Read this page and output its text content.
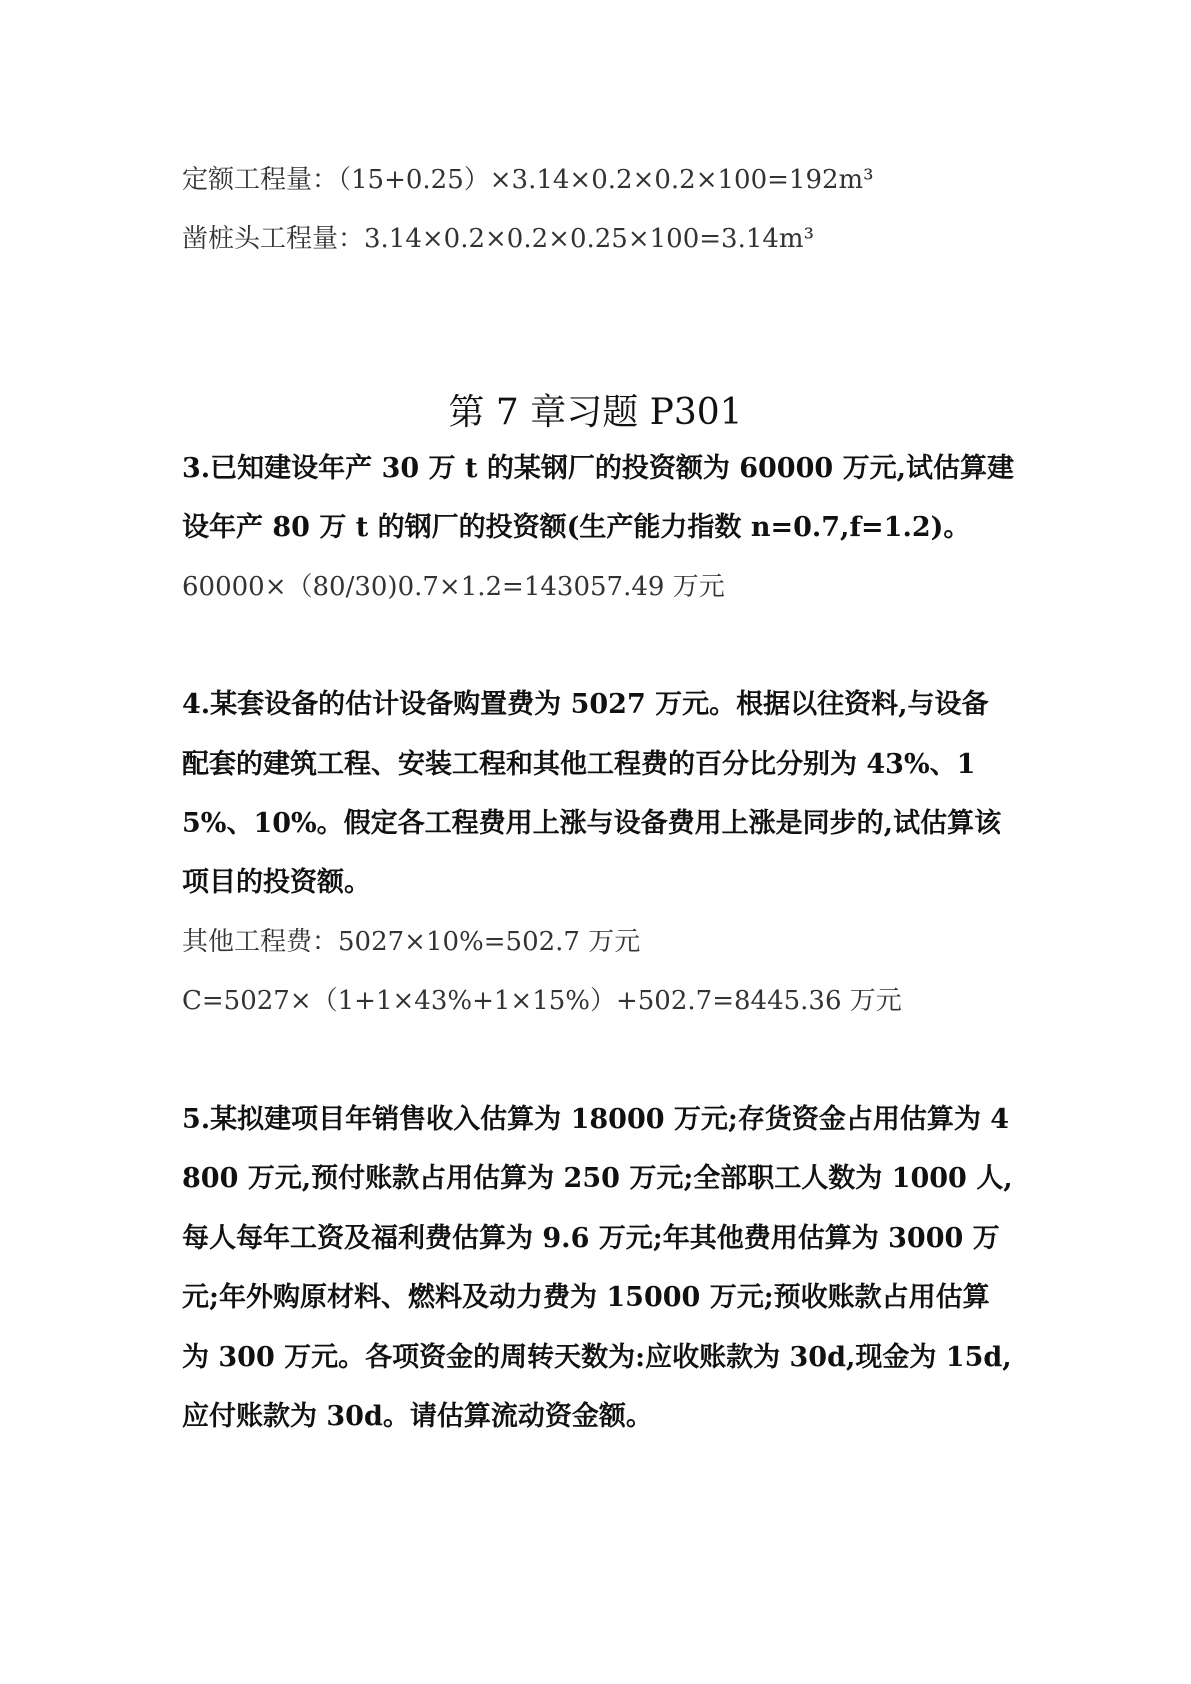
定额工程量：（15+0.25）×3.14×0.2×0.2×100=192m³
凿桩头工程量：3.14×0.2×0.2×0.25×100=3.14m³
第 7 章习题 P301
3.已知建设年产 30 万 t 的某钢厂的投资额为 60000 万元,试估算建
设年产 80 万 t 的钢厂的投资额(生产能力指数 n=0.7,f=1.2)。
60000×（80/30)0.7×1.2=143057.49 万元
4.某套设备的估计设备购置费为 5027 万元。根据以往资料,与设备
配套的建筑工程、安装工程和其他工程费的百分比分别为 43%、1
5%、10%。假定各工程费用上涨与设备费用上涨是同步的,试估算该
项目的投资额。
其他工程费：5027×10%=502.7 万元
C=5027×（1+1×43%+1×15%）+502.7=8445.36 万元
5.某拟建项目年销售收入估算为 18000 万元;存货资金占用估算为 4
800 万元,预付账款占用估算为 250 万元;全部职工人数为 1000 人,
每人每年工资及福利费估算为 9.6 万元;年其他费用估算为 3000 万
元;年外购原材料、燃料及动力费为 15000 万元;预收账款占用估算
为 300 万元。各项资金的周转天数为:应收账款为 30d,现金为 15d,
应付账款为 30d。请估算流动资金额。
